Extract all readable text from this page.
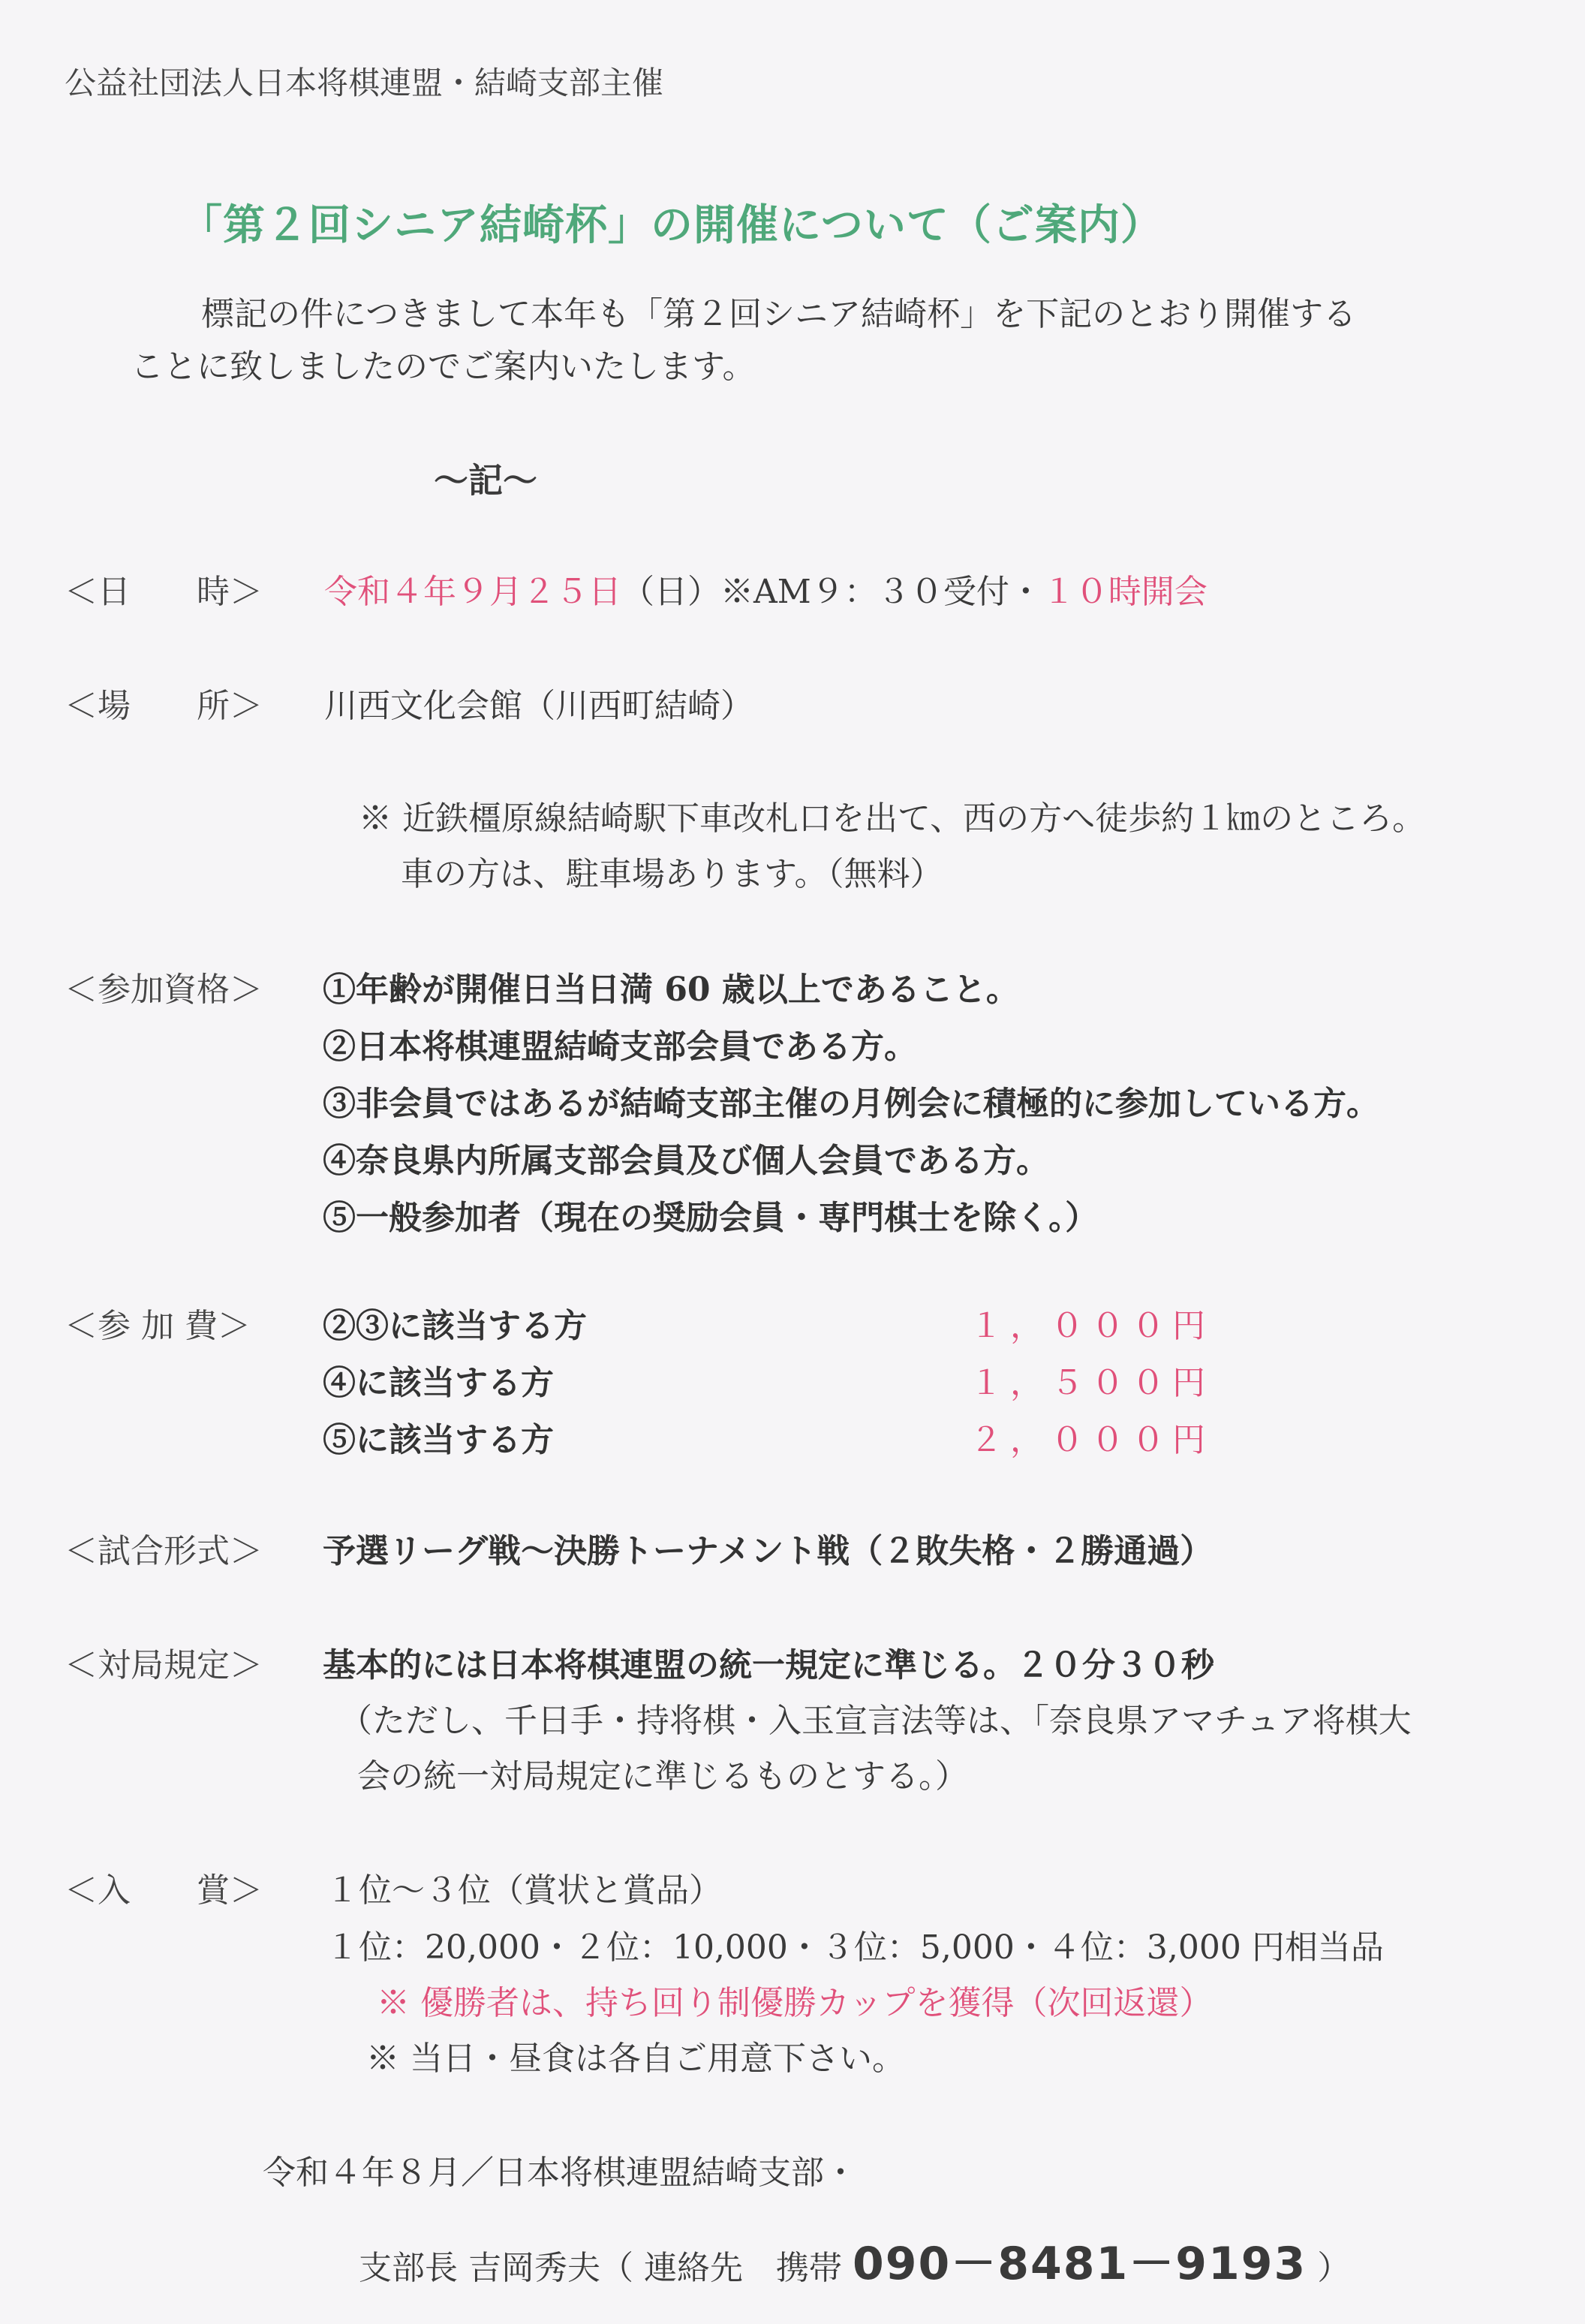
公益社団法人日本将棋連盟・結崎支部主催
「第２回シニア結崎杯」の開催について（ご案内）
標記の件につきまして本年も「第２回シニア結崎杯」を下記のとおり開催する
ことに致しましたのでご案内いたします。
～記～
＜日　　時＞ 令和４年９月２５日（日）※AM９：３０受付・１０時開会
＜場　　所＞ 川西文化会館（川西町結崎）
※ 近鉄橿原線結崎駅下車改札口を出て、西の方へ徒歩約１㎞のところ。
車の方は、駐車場あります。（無料）
＜参加資格＞ ①年齢が開催日当日満 60 歳以上であること。
②日本将棋連盟結崎支部会員である方。
③非会員ではあるが結崎支部主催の月例会に積極的に参加している方。
④奈良県内所属支部会員及び個人会員である方。
⑤一般参加者（現在の奨励会員・専門棋士を除く。）
＜参 加 費＞ ②③に該当する方	１，０００円
④に該当する方	１，５００円
⑤に該当する方	２，０００円
＜試合形式＞ 予選リーグ戦～決勝トーナメント戦（２敗失格・２勝通過）
＜対局規定＞ 基本的には日本将棋連盟の統一規定に準じる。２０分３０秒
（ただし、千日手・持将棋・入玉宣言法等は、「奈良県アマチュア将棋大
会の統一対局規定に準じるものとする。）
＜入　　賞＞ １位～３位（賞状と賞品）
１位：20,000・２位：10,000・３位：5,000・４位：3,000 円相当品
※ 優勝者は、持ち回り制優勝カップを獲得（次回返還）
※ 当日・昼食は各自ご用意下さい。
令和４年８月／日本将棋連盟結崎支部・
支部長 吉岡秀夫（ 連絡先　携帯 090－8481－9193 ）
